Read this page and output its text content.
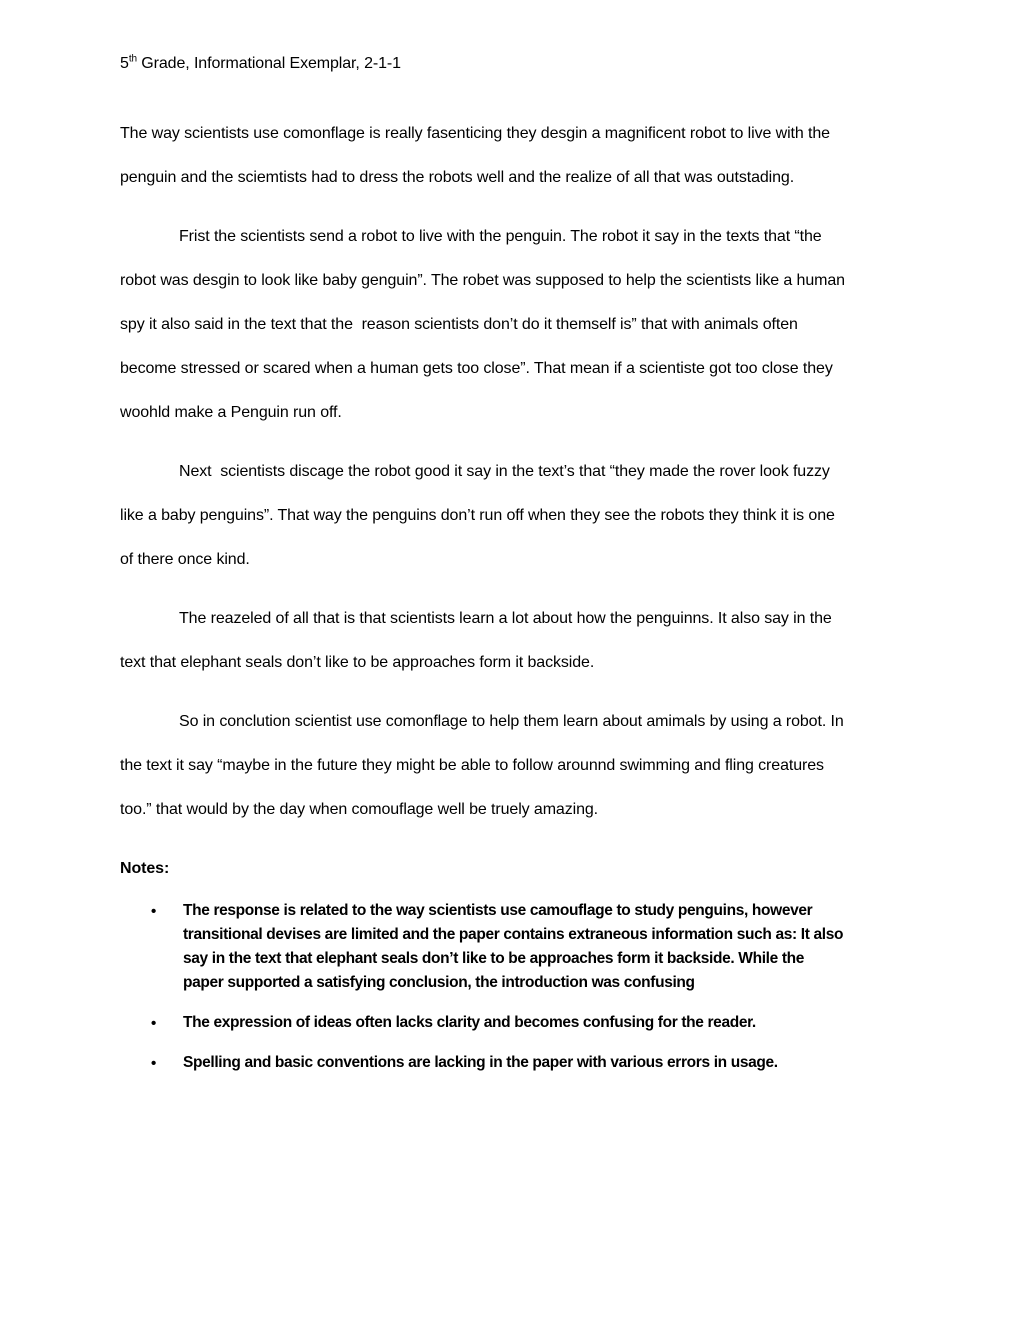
5th Grade, Informational Exemplar, 2-1-1
The way scientists use comonflage is really fasenticing they desgin a magnificent robot to live with the
penguin and the sciemtists had to dress the robots well and the realize of all that was outstading.
Frist the scientists send a robot to live with the penguin. The robot it say in the texts that “the
robot was desgin to look like baby genguin”. The robet was supposed to help the scientists like a human
spy it also said in the text that the  reason scientists don’t do it themself is” that with animals often
become stressed or scared when a human gets too close”. That mean if a scientiste got too close they
woohld make a Penguin run off.
Next  scientists discage the robot good it say in the text’s that “they made the rover look fuzzy
like a baby penguins”. That way the penguins don’t run off when they see the robots they think it is one
of there once kind.
The reazeled of all that is that scientists learn a lot about how the penguinns. It also say in the
text that elephant seals don’t like to be approaches form it backside.
So in conclution scientist use comonflage to help them learn about amimals by using a robot. In
the text it say “maybe in the future they might be able to follow arounnd swimming and fling creatures
too.” that would by the day when comouflage well be truely amazing.
Notes:
• The response is related to the way scientists use camouflage to study penguins, however
transitional devises are limited and the paper contains extraneous information such as: It also
say in the text that elephant seals don’t like to be approaches form it backside. While the
paper supported a satisfying conclusion, the introduction was confusing
• The expression of ideas often lacks clarity and becomes confusing for the reader.
• Spelling and basic conventions are lacking in the paper with various errors in usage.
